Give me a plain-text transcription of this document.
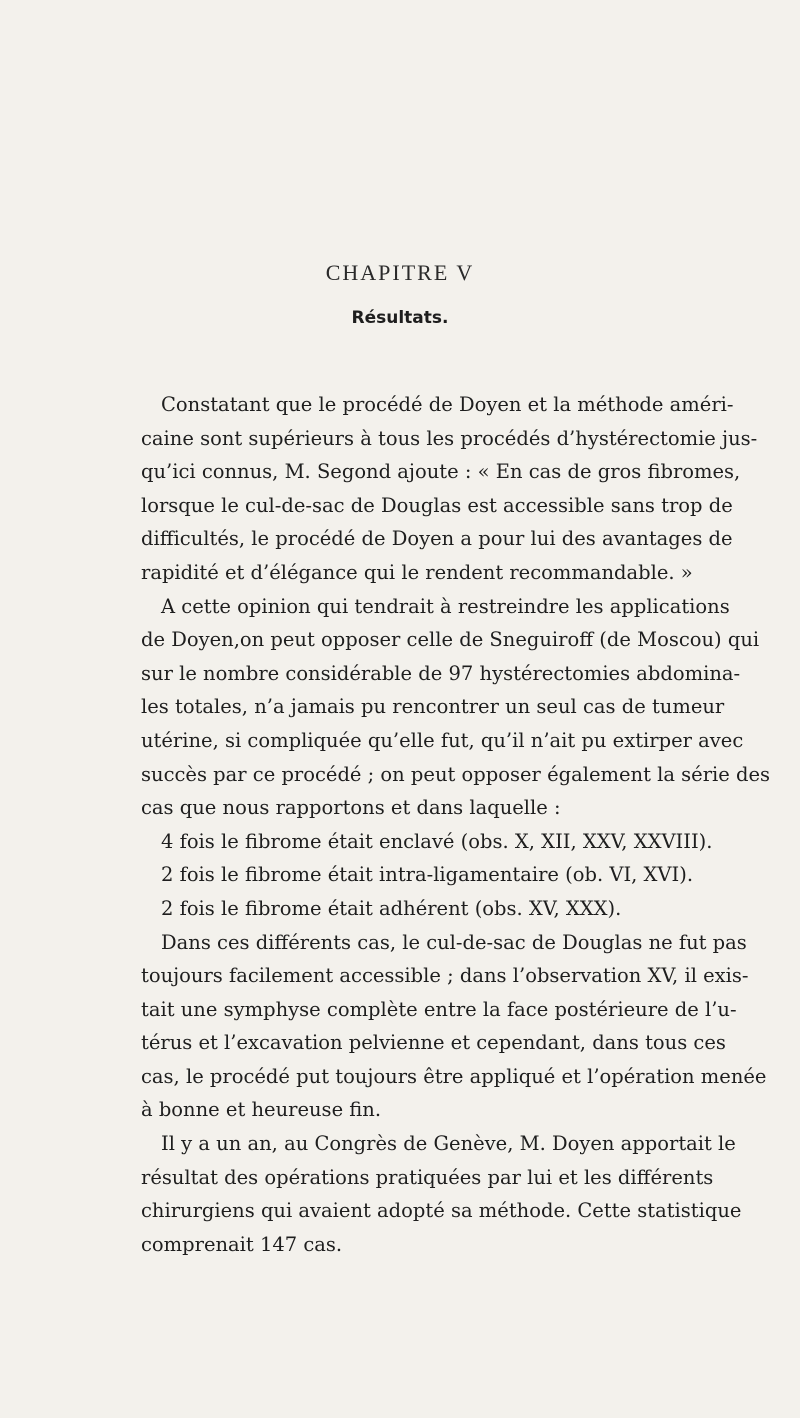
CHAPITRE V
Résultats.
Constatant que le procédé de Doyen et la méthode améri-
caine sont supérieurs à tous les procédés d’hystérectomie jus-
qu’ici connus, M. Segond ajoute : « En cas de gros fibromes,
lorsque le cul-de-sac de Douglas est accessible sans trop de
difficultés, le procédé de Doyen a pour lui des avantages de
rapidité et d’élégance qui le rendent recommandable. »
A cette opinion qui tendrait à restreindre les applications
de Doyen,on peut opposer celle de Sneguiroff (de Moscou) qui
sur le nombre considérable de 97 hystérectomies abdomina-
les totales, n’a jamais pu rencontrer un seul cas de tumeur
utérine, si compliquée qu’elle fut, qu’il n’ait pu extirper avec
succès par ce procédé ; on peut opposer également la série des
cas que nous rapportons et dans laquelle :
4 fois le fibrome était enclavé (obs. X, XII, XXV, XXVIII).
2 fois le fibrome était intra-ligamentaire (ob. VI, XVI).
2 fois le fibrome était adhérent (obs. XV, XXX).
Dans ces différents cas, le cul-de-sac de Douglas ne fut pas
toujours facilement accessible ; dans l’observation XV, il exis-
tait une symphyse complète entre la face postérieure de l’u-
térus et l’excavation pelvienne et cependant, dans tous ces
cas, le procédé put toujours être appliqué et l’opération menée
à bonne et heureuse fin.
Il y a un an, au Congrès de Genève, M. Doyen apportait le
résultat des opérations pratiquées par lui et les différents
chirurgiens qui avaient adopté sa méthode. Cette statistique
comprenait 147 cas.
